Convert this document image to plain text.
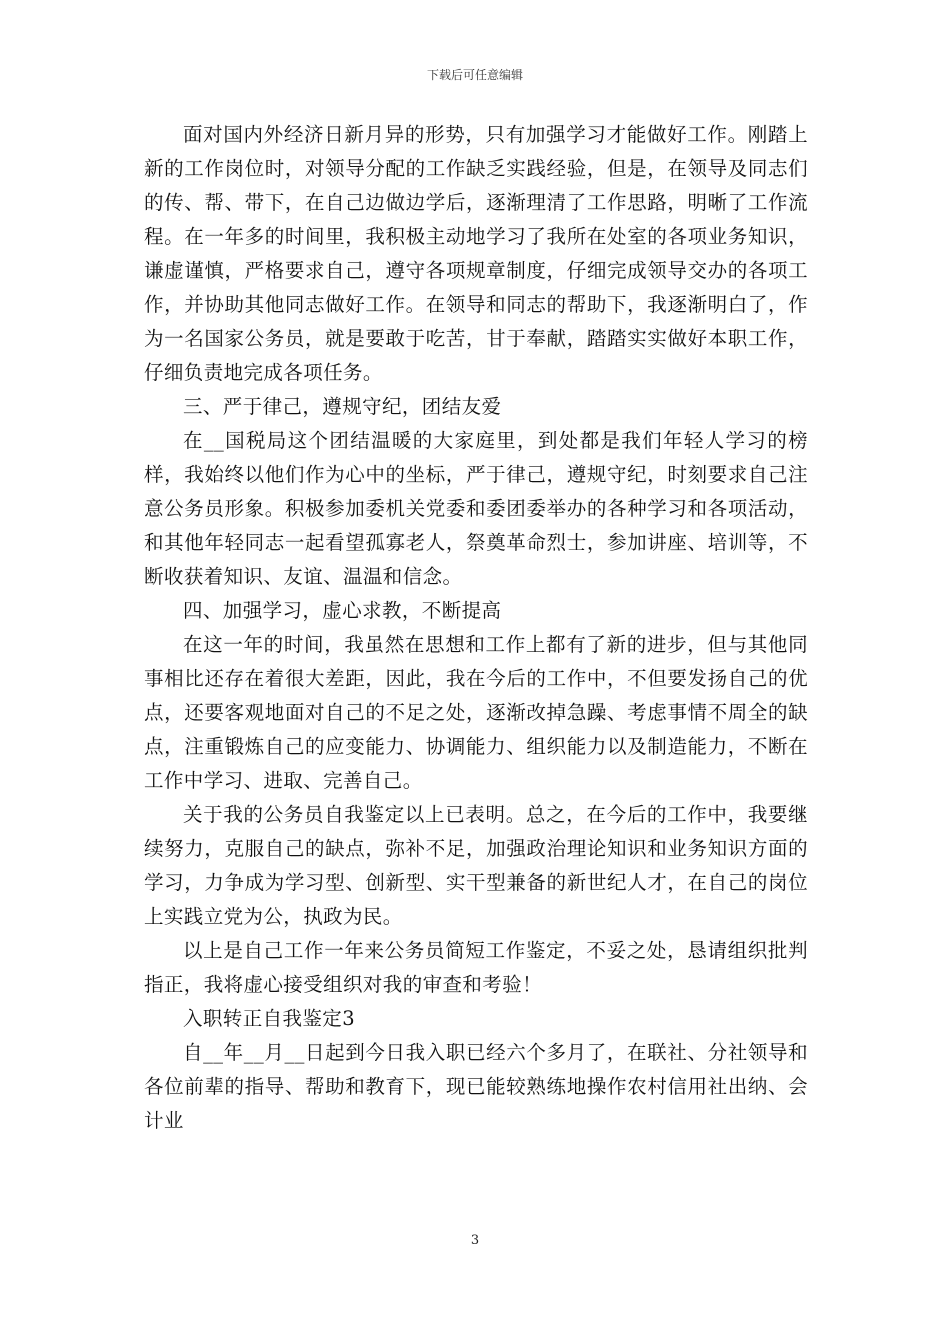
下载后可任意编辑

面对国内外经济日新月异的形势，只有加强学习才能做好工作。刚踏上新的工作岗位时，对领导分配的工作缺乏实践经验，但是，在领导及同志们的传、帮、带下，在自己边做边学后，逐渐理清了工作思路，明晰了工作流程。在一年多的时间里，我积极主动地学习了我所在处室的各项业务知识，谦虚谨慎，严格要求自己，遵守各项规章制度，仔细完成领导交办的各项工作，并协助其他同志做好工作。在领导和同志的帮助下，我逐渐明白了，作为一名国家公务员，就是要敢于吃苦，甘于奉献，踏踏实实做好本职工作，仔细负责地完成各项任务。

三、严于律己，遵规守纪，团结友爱

在__国税局这个团结温暖的大家庭里，到处都是我们年轻人学习的榜样，我始终以他们作为心中的坐标，严于律己，遵规守纪，时刻要求自己注意公务员形象。积极参加委机关党委和委团委举办的各种学习和各项活动，和其他年轻同志一起看望孤寡老人，祭奠革命烈士，参加讲座、培训等，不断收获着知识、友谊、温温和信念。

四、加强学习，虚心求教，不断提高

在这一年的时间，我虽然在思想和工作上都有了新的进步，但与其他同事相比还存在着很大差距，因此，我在今后的工作中，不但要发扬自己的优点，还要客观地面对自己的不足之处，逐渐改掉急躁、考虑事情不周全的缺点，注重锻炼自己的应变能力、协调能力、组织能力以及制造能力，不断在工作中学习、进取、完善自己。

关于我的公务员自我鉴定以上已表明。总之，在今后的工作中，我要继续努力，克服自己的缺点，弥补不足，加强政治理论知识和业务知识方面的学习，力争成为学习型、创新型、实干型兼备的新世纪人才，在自己的岗位上实践立党为公，执政为民。

以上是自己工作一年来公务员简短工作鉴定，不妥之处，恳请组织批判指正，我将虚心接受组织对我的审查和考验！

入职转正自我鉴定3

自__年__月__日起到今日我入职已经六个多月了，在联社、分社领导和各位前辈的指导、帮助和教育下，现已能较熟练地操作农村信用社出纳、会计业

3
